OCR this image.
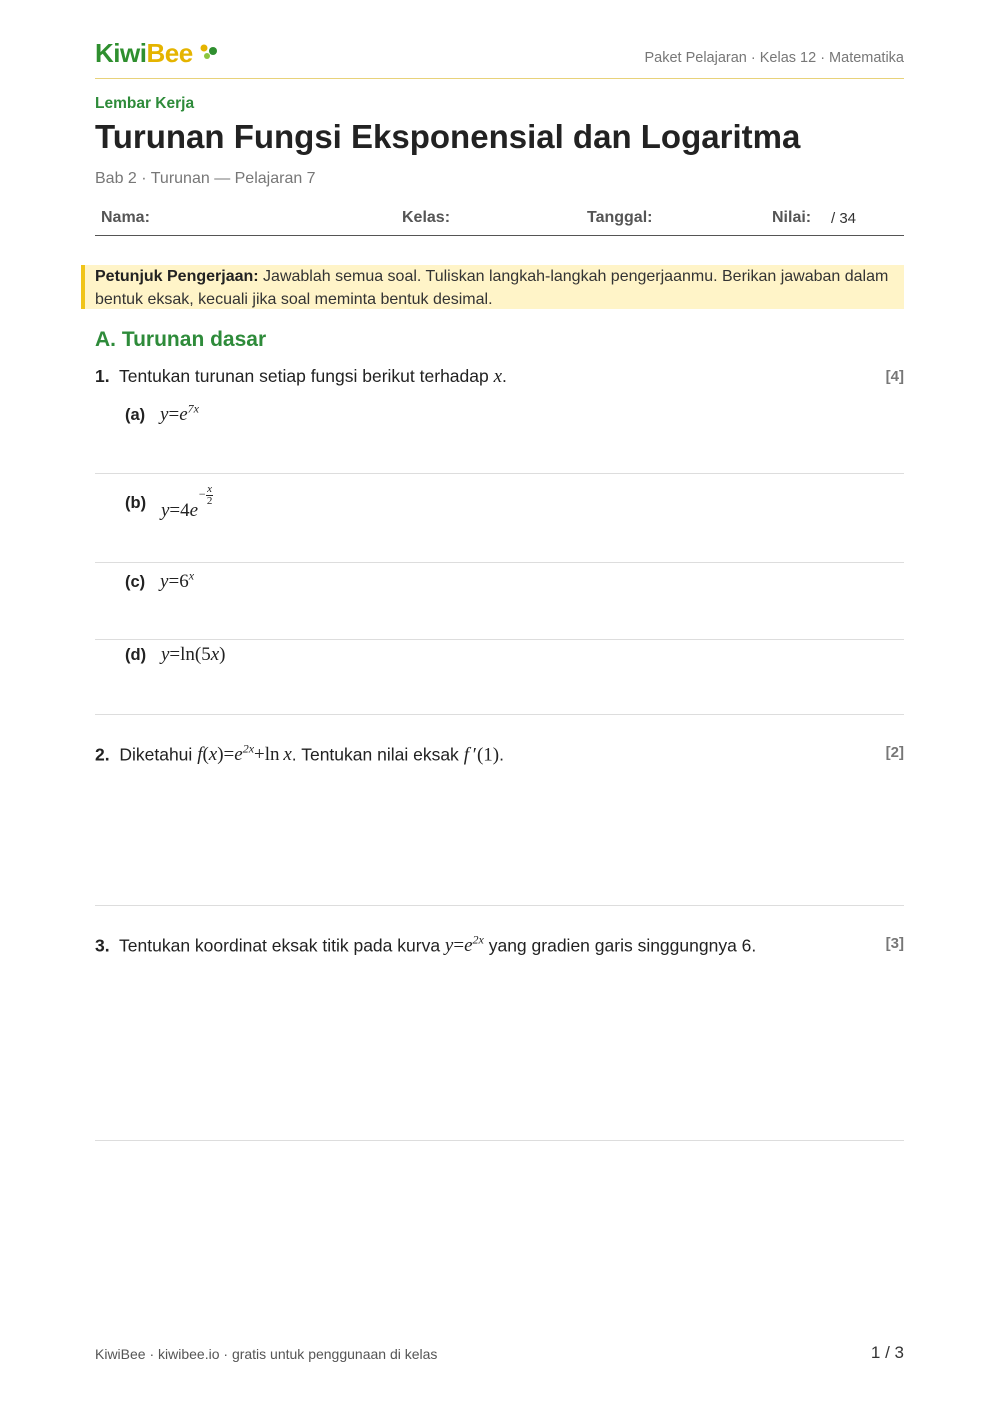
KiwiBee	Paket Pelajaran · Kelas 12 · Matematika
Lembar Kerja
Turunan Fungsi Eksponensial dan Logaritma
Bab 2 · Turunan — Pelajaran 7
Nama:	Kelas:	Tanggal:	Nilai: / 34
Petunjuk Pengerjaan: Jawablah semua soal. Tuliskan langkah-langkah pengerjaanmu. Berikan jawaban dalam bentuk eksak, kecuali jika soal meminta bentuk desimal.
A. Turunan dasar
1. Tentukan turunan setiap fungsi berikut terhadap x.	[4]
(a) $y=e^{7x}$
(b) $y=4e^{- \frac{x}{2}}$
(c) $y=6^x$
(d) y=ln(5x)
2. Diketahui $f(x)=e^{2x}+\ln$ x. Tentukan nilai eksak f ′(1).	[2]
3. Tentukan koordinat eksak titik pada kurva $y=e^{2x}$ yang gradien garis singgungnya 6.	[3]
KiwiBee · kiwibee.io · gratis untuk penggunaan di kelas	1 / 3
